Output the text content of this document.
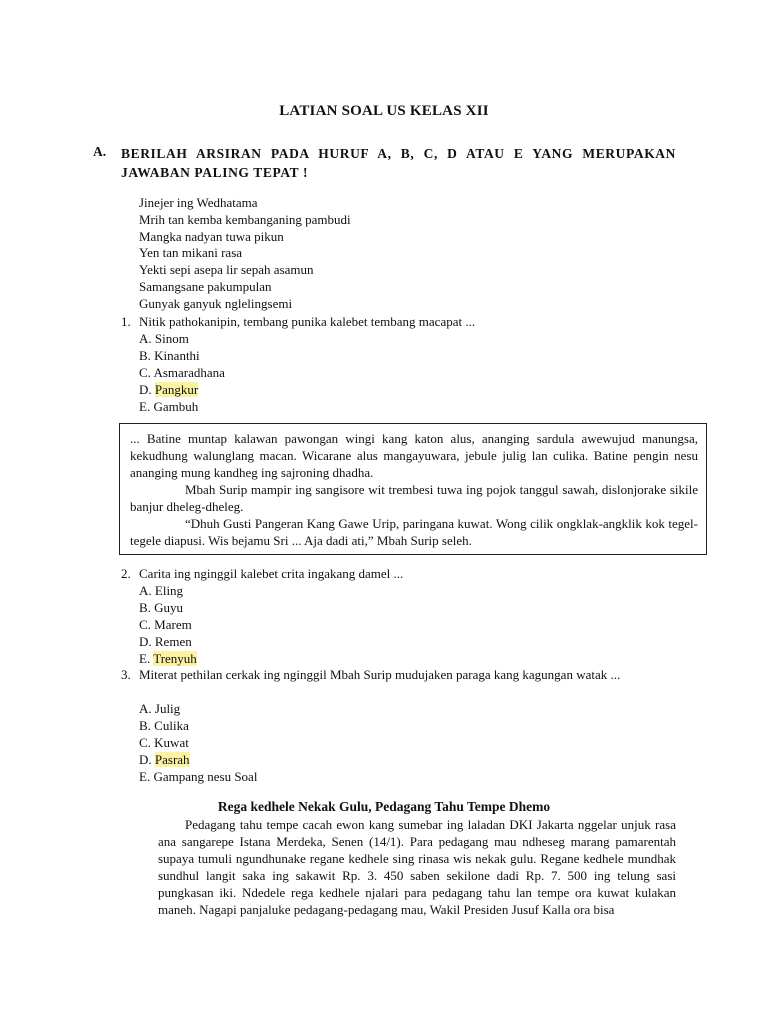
LATIAN SOAL US KELAS XII
A. BERILAH ARSIRAN PADA HURUF A, B, C, D ATAU E YANG MERUPAKAN JAWABAN PALING TEPAT !
Jinejer ing Wedhatama
Mrih tan kemba kembanganing pambudi
Mangka nadyan tuwa pikun
Yen tan mikani rasa
Yekti sepi asepa lir sepah asamun
Samangsane pakumpulan
Gunyak ganyuk nglelingsemi
1. Nitik pathokanipin, tembang punika kalebet tembang macapat ...
A. Sinom
B. Kinanthi
C. Asmaradhana
D. Pangkur
E. Gambuh

... Batine muntap kalawan pawongan wingi kang katon alus, ananging sardula awewujud manungsa, kekudhung walunglang macan. Wicarane alus mangayuwara, jebule julig lan culika. Batine pengin nesu ananging mung kandheg ing sajroning dhadha.

Mbah Surip mampir ing sangisore wit trembesi tuwa ing pojok tanggul sawah, dislonjorake sikile banjur dheleg-dheleg.

“Dhuh Gusti Pangeran Kang Gawe Urip, paringana kuwat. Wong cilik ongklak-angklik kok tegel-tegele diapusi. Wis bejamu Sri ... Aja dadi ati,” Mbah Surip seleh.

2. Carita ing nginggil kalebet crita ingakang damel ...
A. Eling
B. Guyu
C. Marem
D. Remen
E. Trenyuh
3. Miterat pethilan cerkak ing nginggil Mbah Surip mudujaken paraga kang kagungan watak ...
A. Julig
B. Culika
C. Kuwat
D. Pasrah
E. Gampang nesu Soal
Rega kedhele Nekak Gulu, Pedagang Tahu Tempe Dhemo

Pedagang tahu tempe cacah ewon kang sumebar ing laladan DKI Jakarta nggelar unjuk rasa ana sangarepe Istana Merdeka, Senen (14/1). Para pedagang mau ndheseg marang pamarentah supaya tumuli ngundhunake regane kedhele sing rinasa wis nekak gulu. Regane kedhele mundhak sundhul langit saka ing sakawit Rp. 3. 450 saben sekilone dadi Rp. 7. 500 ing telung sasi pungkasan iki. Ndedele rega kedhele njalari para pedagang tahu lan tempe ora kuwat kulakan maneh. Nagapi panjaluke pedagang-pedagang mau, Wakil Presiden Jusuf Kalla ora bisa
